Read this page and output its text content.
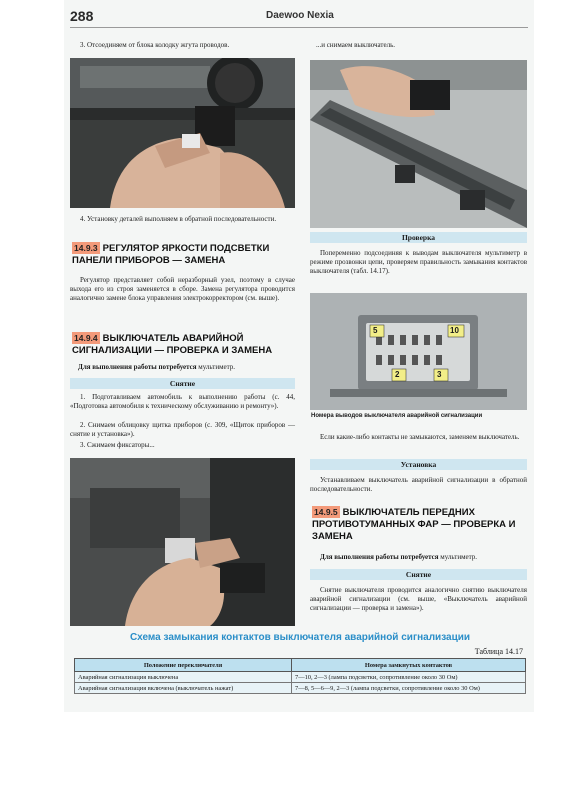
288	Daewoo Nexia
3. Отсоединяем от блока колодку жгута проводов.
4. Установку деталей выполняем в обратной последовательности.
14.9.3 РЕГУЛЯТОР ЯРКОСТИ ПОДСВЕТКИ ПАНЕЛИ ПРИБОРОВ — ЗАМЕНА
Регулятор представляет собой неразборный узел, поэтому в случае выхода его из строя заменяется в сборе. Замена регулятора проводится аналогично замене блока управления электрокорректором (см. выше).
14.9.4 ВЫКЛЮЧАТЕЛЬ АВАРИЙНОЙ СИГНАЛИЗАЦИИ — ПРОВЕРКА И ЗАМЕНА
Для выполнения работы потребуется мультиметр.
Снятие
1. Подготавливаем автомобиль к выполнению работы (с. 44, «Подготовка автомобиля к техническому обслуживанию и ремонту»).
2. Снимаем облицовку щитка приборов (с. 309, «Щиток приборов — снятие и установка»).
3. Сжимаем фиксаторы...
...и снимаем выключатель.
Проверка
Попеременно подсоединяя к выводам выключателя мультиметр в режиме прозвонки цепи, проверяем правильность замыкания контактов выключателя (табл. 14.17).
5	10
2	3
Номера выводов выключателя аварийной сигнализации
Если какие-либо контакты не замыкаются, заменяем выключатель.
Установка
Устанавливаем выключатель аварийной сигнализации в обратной последовательности.
14.9.5 ВЫКЛЮЧАТЕЛЬ ПЕРЕДНИХ ПРОТИВОТУМАННЫХ ФАР — ПРОВЕРКА И ЗАМЕНА
Для выполнения работы потребуется мультиметр.
Снятие
Снятие выключателя проводится аналогично снятию выключателя аварийной сигнализации (см. выше, «Выключатель аварийной сигнализации — проверка и замена»).
Схема замыкания контактов выключателя аварийной сигнализации
Таблица 14.17
Положение переключателя	Номера замкнутых контактов
Аварийная сигнализация выключена	7—10, 2—3 (лампа подсветки, сопротивление около 30 Ом)
Аварийная сигнализация включена (выключатель нажат)	7—8, 5—6—9, 2—3 (лампа подсветки, сопротивление около 30 Ом)
